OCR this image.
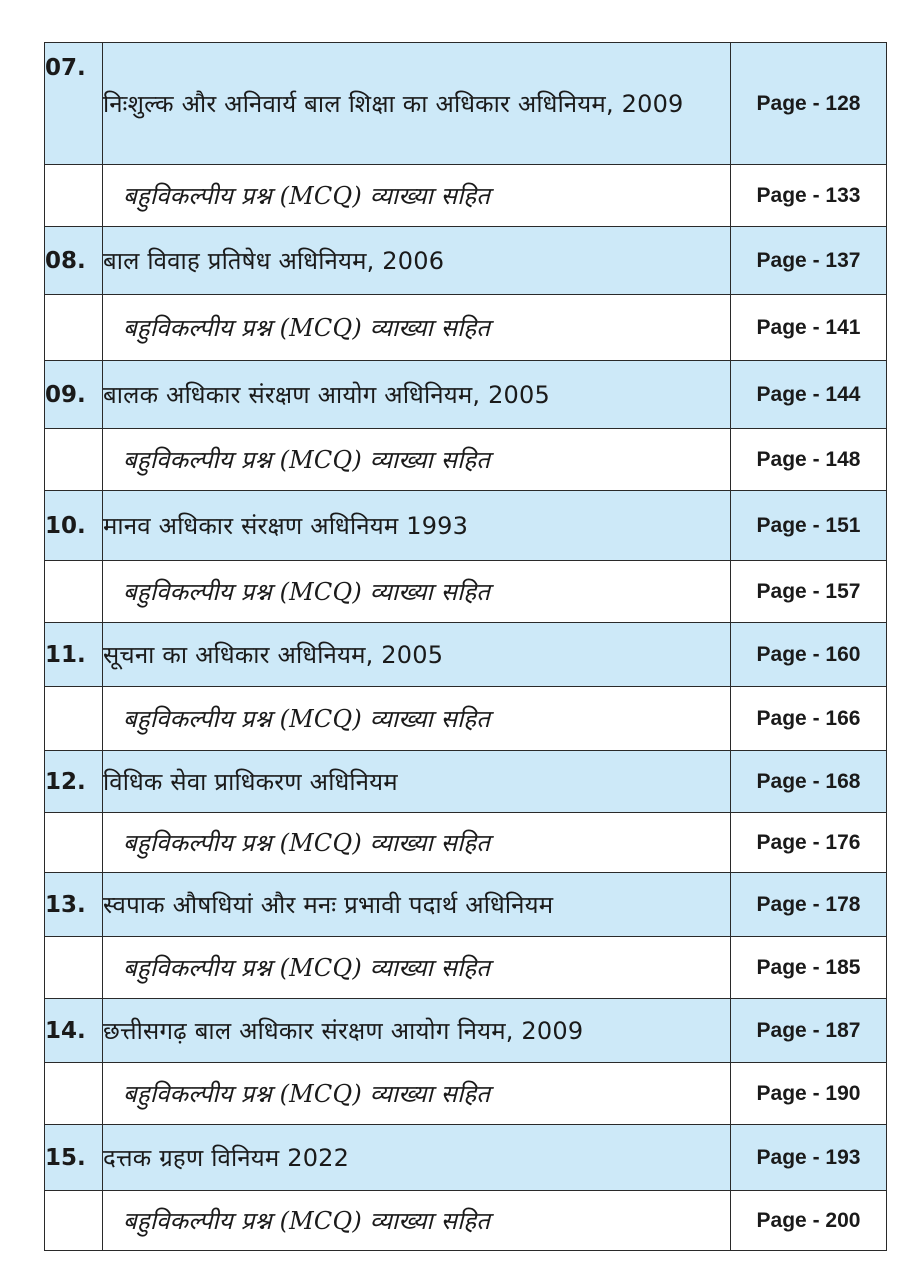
07.	निःशुल्क और अनिवार्य बाल शिक्षा का अधिकार अधिनियम, 2009	Page - 128
	बहुविकल्पीय प्रश्न (MCQ) व्याख्या सहित	Page - 133
08.	बाल विवाह प्रतिषेध अधिनियम, 2006	Page - 137
	बहुविकल्पीय प्रश्न (MCQ) व्याख्या सहित	Page - 141
09.	बालक अधिकार संरक्षण आयोग अधिनियम, 2005	Page - 144
	बहुविकल्पीय प्रश्न (MCQ) व्याख्या सहित	Page - 148
10.	मानव अधिकार संरक्षण अधिनियम 1993	Page - 151
	बहुविकल्पीय प्रश्न (MCQ) व्याख्या सहित	Page - 157
11.	सूचना का अधिकार अधिनियम, 2005	Page - 160
	बहुविकल्पीय प्रश्न (MCQ) व्याख्या सहित	Page - 166
12.	विधिक सेवा प्राधिकरण अधिनियम	Page - 168
	बहुविकल्पीय प्रश्न (MCQ) व्याख्या सहित	Page - 176
13.	स्वपाक औषधियां और मनः प्रभावी पदार्थ अधिनियम	Page - 178
	बहुविकल्पीय प्रश्न (MCQ) व्याख्या सहित	Page - 185
14.	छत्तीसगढ़ बाल अधिकार संरक्षण आयोग नियम, 2009	Page - 187
	बहुविकल्पीय प्रश्न (MCQ) व्याख्या सहित	Page - 190
15.	दत्तक ग्रहण विनियम 2022	Page - 193
	बहुविकल्पीय प्रश्न (MCQ) व्याख्या सहित	Page - 200
